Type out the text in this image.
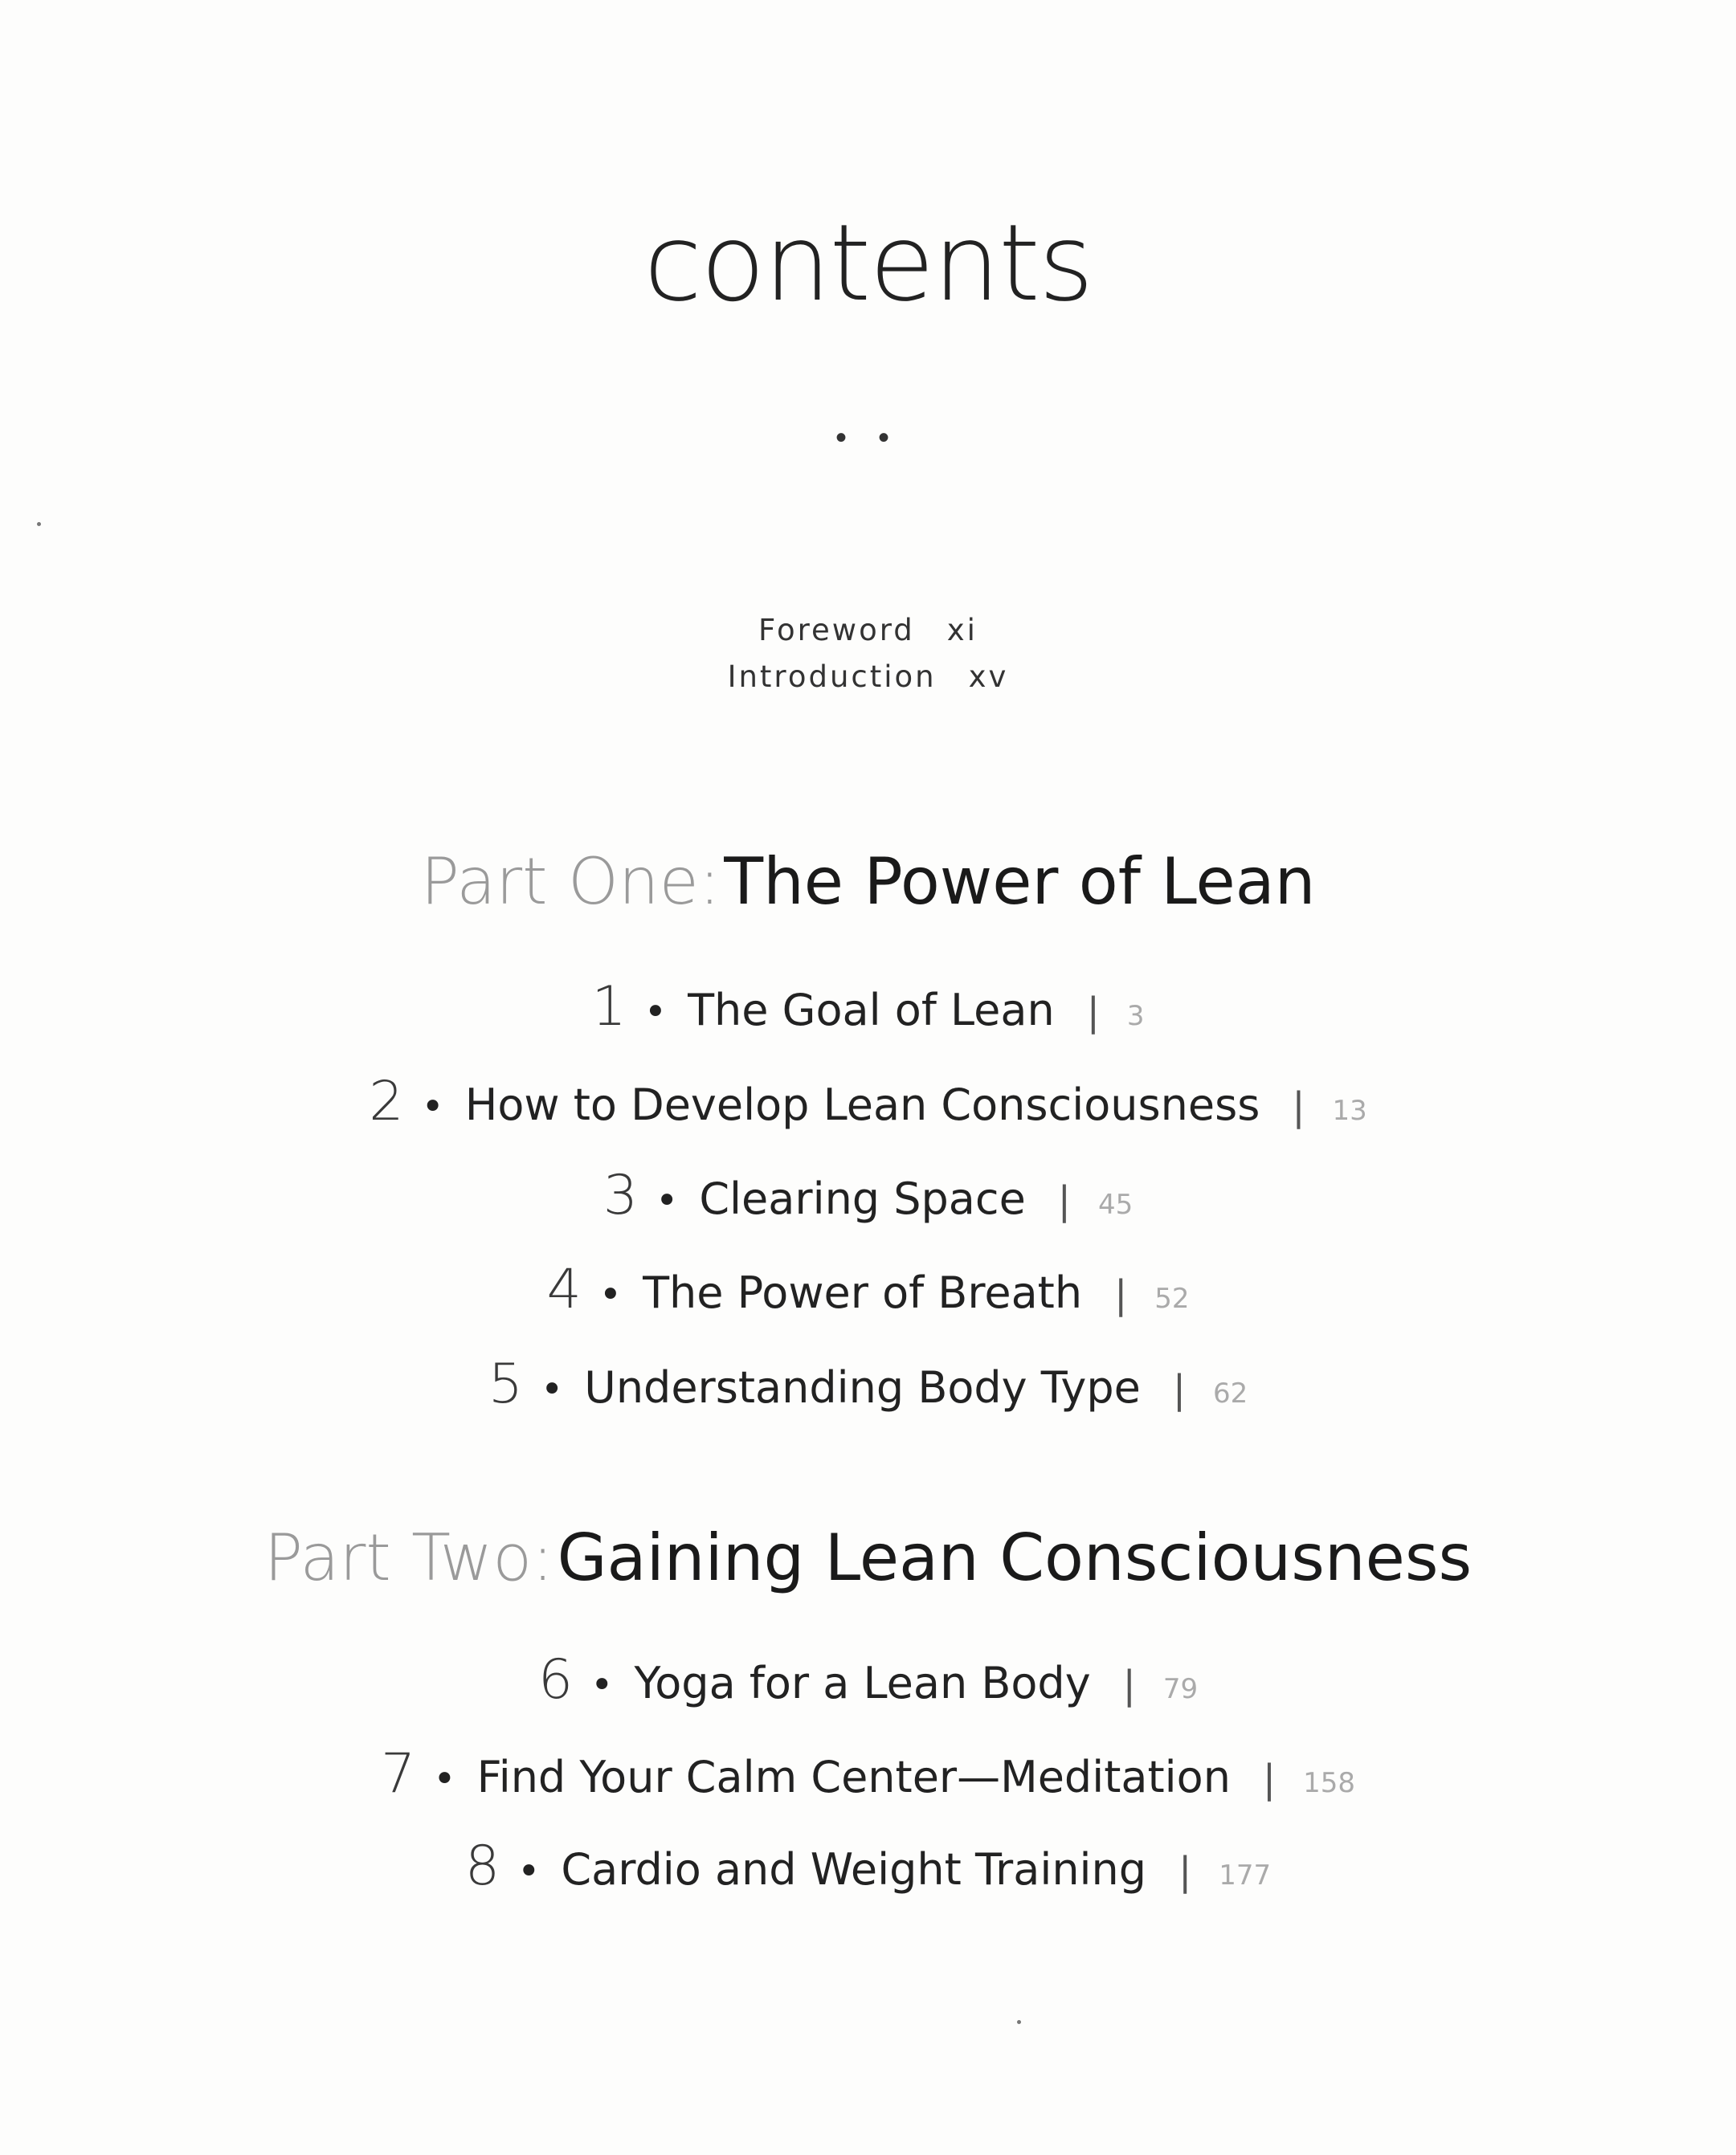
contents
• •
Foreword xi
Introduction xv
Part One: The Power of Lean
1 • The Goal of Lean | 3
2 • How to Develop Lean Consciousness | 13
3 • Clearing Space | 45
4 • The Power of Breath | 52
5 • Understanding Body Type | 62
Part Two: Gaining Lean Consciousness
6 • Yoga for a Lean Body | 79
7 • Find Your Calm Center—Meditation | 158
8 • Cardio and Weight Training | 177
